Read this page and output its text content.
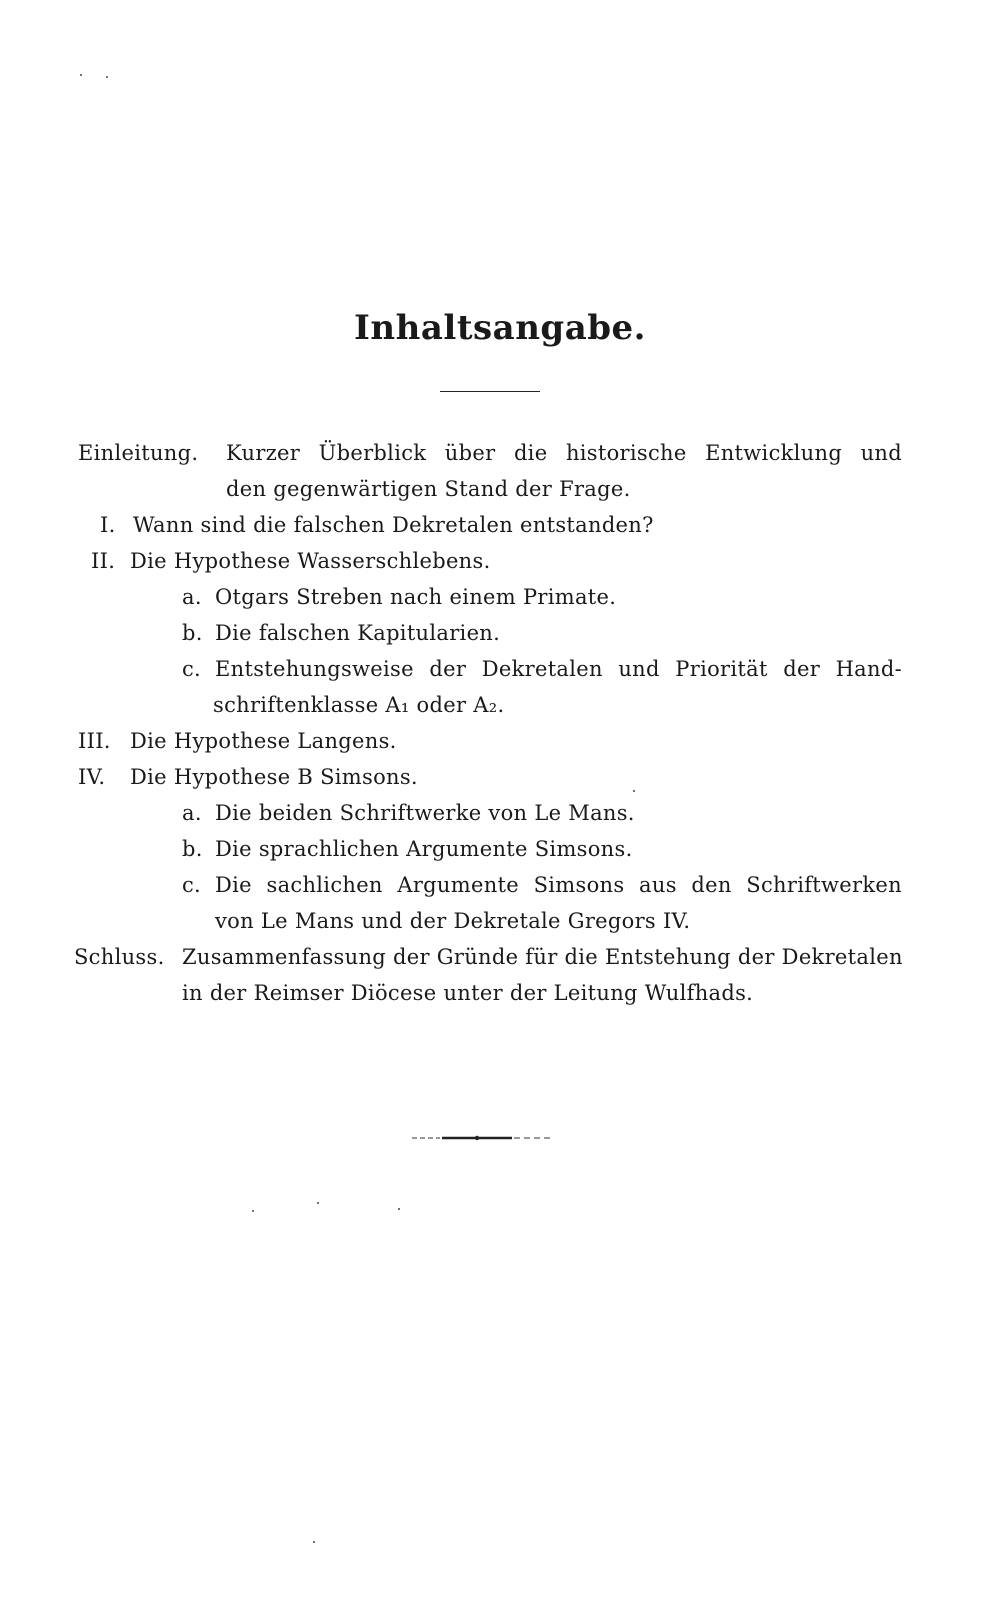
Inhaltsangabe.
Einleitung. Kurzer Überblick über die historische Entwicklung und
den gegenwärtigen Stand der Frage.
I. Wann sind die falschen Dekretalen entstanden?
II. Die Hypothese Wasserschlebens.
a. Otgars Streben nach einem Primate.
b. Die falschen Kapitularien.
c. Entstehungsweise der Dekretalen und Priorität der Hand-
schriftenklasse A₁ oder A₂.
III. Die Hypothese Langens.
IV. Die Hypothese B Simsons.
a. Die beiden Schriftwerke von Le Mans.
b. Die sprachlichen Argumente Simsons.
c. Die sachlichen Argumente Simsons aus den Schriftwerken
von Le Mans und der Dekretale Gregors IV.
Schluss. Zusammenfassung der Gründe für die Entstehung der Dekretalen
in der Reimser Diöcese unter der Leitung Wulfhads.
